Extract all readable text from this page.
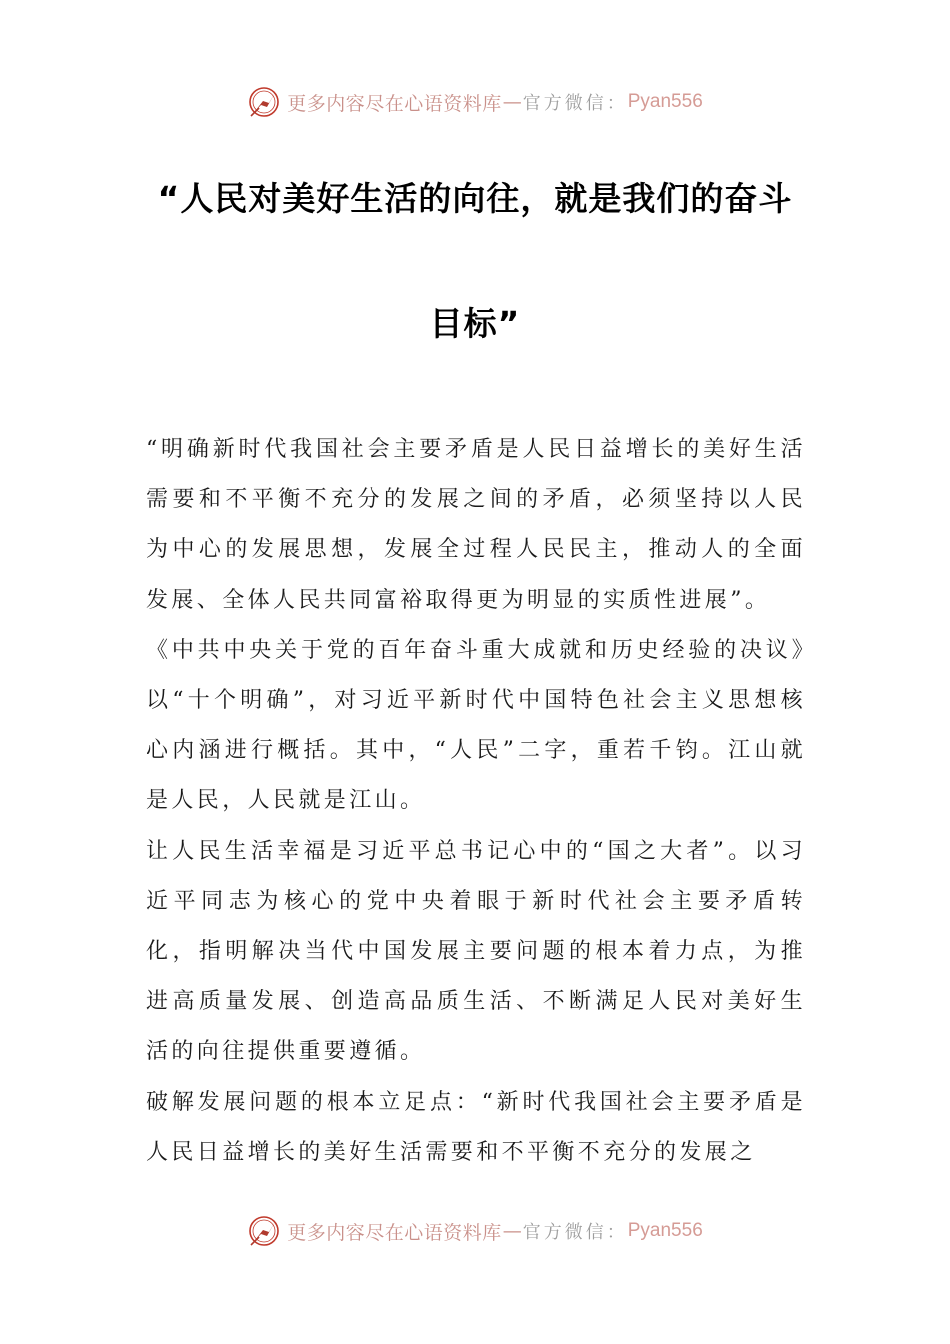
更多内容尽在心语资料库 — 官方微信： Pyan556
“人民对美好生活的向往，就是我们的奋斗
目标”

“明确新时代我国社会主要矛盾是人民日益增长的美好生活需要和不平衡不充分的发展之间的矛盾，必须坚持以人民为中心的发展思想，发展全过程人民民主，推动人的全面发展、全体人民共同富裕取得更为明显的实质性进展”。

《中共中央关于党的百年奋斗重大成就和历史经验的决议》以“十个明确”，对习近平新时代中国特色社会主义思想核心内涵进行概括。其中，“人民”二字，重若千钧。江山就是人民，人民就是江山。

让人民生活幸福是习近平总书记心中的“国之大者”。以习近平同志为核心的党中央着眼于新时代社会主要矛盾转化，指明解决当代中国发展主要问题的根本着力点，为推进高质量发展、创造高品质生活、不断满足人民对美好生活的向往提供重要遵循。

破解发展问题的根本立足点：“新时代我国社会主要矛盾是人民日益增长的美好生活需要和不平衡不充分的发展之

更多内容尽在心语资料库 — 官方微信： Pyan556
